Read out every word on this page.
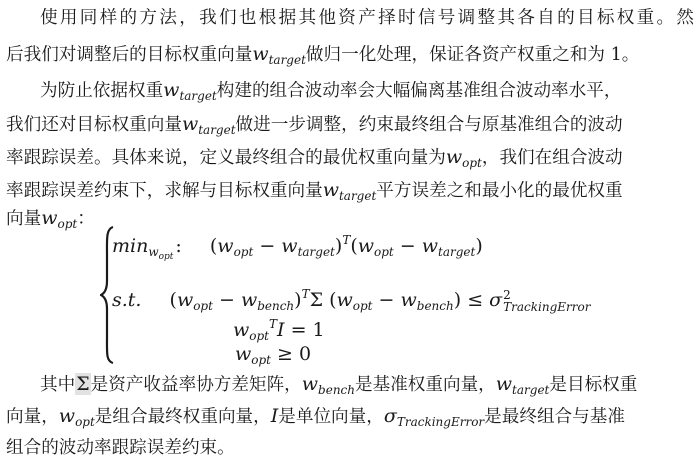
使用同样的方法，我们也根据其他资产择时信号调整其各自的目标权重。然
后我们对调整后的目标权重向量$w_{target}$做归一化处理，保证各资产权重之和为 1。
为防止依据权重$w_{target}$构建的组合波动率会大幅偏离基准组合波动率水平，
我们还对目标权重向量$w_{target}$做进一步调整，约束最终组合与原基准组合的波动
率跟踪误差。具体来说，定义最终组合的最优权重向量为$w_{opt}$，我们在组合波动
率跟踪误差约束下，求解与目标权重向量$w_{target}$平方误差之和最小化的最优权重
向量$w_{opt}$：
$\min_{w_{opt}}$ : $(w_{opt} - w_{target})^T(w_{opt} - w_{target})$
s.t. $(w_{opt} - w_{bench})^T\Sigma$ $(w_{opt} - w_{bench}) \le \sigma$ 2
TrackingError
$w_{opt}^TI = 1$
$w_{opt} \ge 0$
其中Σ是资产收益率协方差矩阵，$w_{bench}$是基准权重向量，$w_{target}$是目标权重
向量，$w_{opt}$是组合最终权重向量，I是单位向量，$\sigma_{TrackingError}$是最终组合与基准
组合的波动率跟踪误差约束。
